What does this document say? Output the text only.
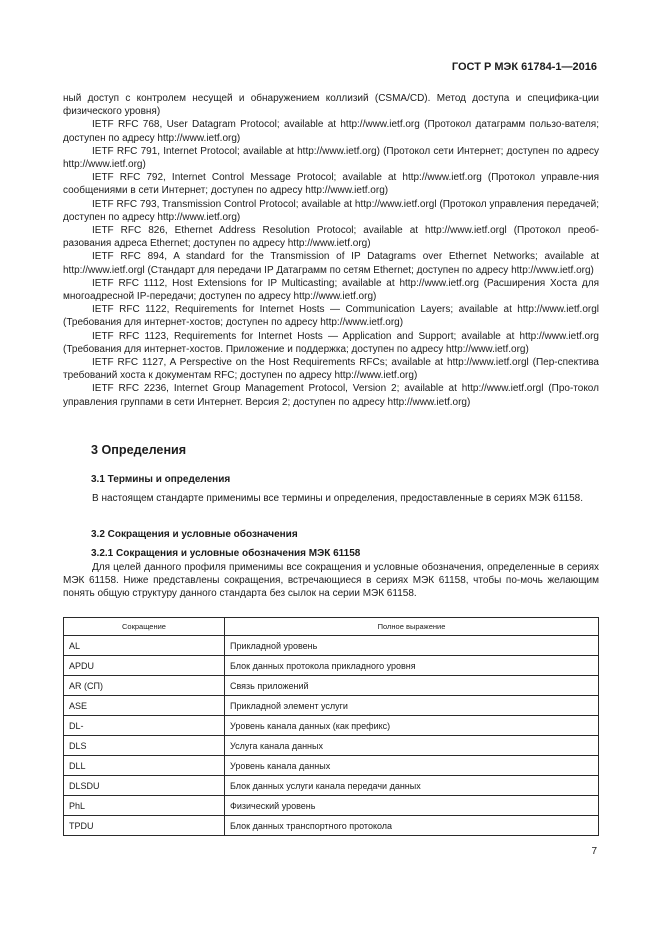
ГОСТ Р МЭК 61784-1—2016

ный доступ с контролем несущей и обнаружением коллизий (CSMA/CD). Метод доступа и специфика-ции физического уровня)

IETF RFC 768, User Datagram Protocol; available at http://www.ietf.org (Протокол датаграмм пользо-вателя; доступен по адресу http://www.ietf.org)

IETF RFC 791, Internet Protocol; available at http://www.ietf.org) (Протокол сети Интернет; доступен по адресу http://www.ietf.org)

IETF RFC 792, Internet Control Message Protocol; available at http://www.ietf.org (Протокол управле-ния сообщениями в сети Интернет; доступен по адресу http://www.ietf.org)

IETF RFC 793, Transmission Control Protocol; available at http://www.ietf.orgl (Протокол управления передачей; доступен по адресу http://www.ietf.org)

IETF RFC 826, Ethernet Address Resolution Protocol; available at http://www.ietf.orgl (Протокол преоб-разования адреса Ethernet; доступен по адресу http://www.ietf.org)

IETF RFC 894, A standard for the Transmission of IP Datagrams over Ethernet Networks; available at http://www.ietf.orgl (Стандарт для передачи IP Датаграмм по сетям Ethernet; доступен по адресу http://www.ietf.org)

IETF RFC 1112, Host Extensions for IP Multicasting; available at http://www.ietf.org (Расширения Хоста для многоадресной IP-передачи; доступен по адресу http://www.ietf.org)

IETF RFC 1122, Requirements for Internet Hosts — Communication Layers; available at http://www.ietf.orgl (Требования для интернет-хостов; доступен по адресу http://www.ietf.org)

IETF RFC 1123, Requirements for Internet Hosts — Application and Support; available at http://www.ietf.org (Требования для интернет-хостов. Приложение и поддержка; доступен по адресу http://www.ietf.org)

IETF RFC 1127, A Perspective on the Host Requirements RFCs; available at http://www.ietf.orgl (Пер-спектива требований хоста к документам RFC; доступен по адресу http://www.ietf.org)

IETF RFC 2236, Internet Group Management Protocol, Version 2; available at http://www.ietf.orgl (Про-токол управления группами в сети Интернет. Версия 2; доступен по адресу http://www.ietf.org)

3 Определения
3.1 Термины и определения

В настоящем стандарте применимы все термины и определения, предоставленные в сериях МЭК 61158.

3.2 Сокращения и условные обозначения
3.2.1 Сокращения и условные обозначения МЭК 61158

Для целей данного профиля применимы все сокращения и условные обозначения, определенные в сериях МЭК 61158. Ниже представлены сокращения, встречающиеся в сериях МЭК 61158, чтобы по-мочь желающим понять общую структуру данного стандарта без сылок на серии МЭК 61158.

Сокращение	Полное выражение
AL	Прикладной уровень
APDU	Блок данных протокола прикладного уровня
AR (СП)	Связь приложений
ASE	Прикладной элемент услуги
DL-	Уровень канала данных (как префикс)
DLS	Услуга канала данных
DLL	Уровень канала данных
DLSDU	Блок данных услуги канала передачи данных
PhL	Физический уровень
TPDU	Блок данных транспортного протокола
7
